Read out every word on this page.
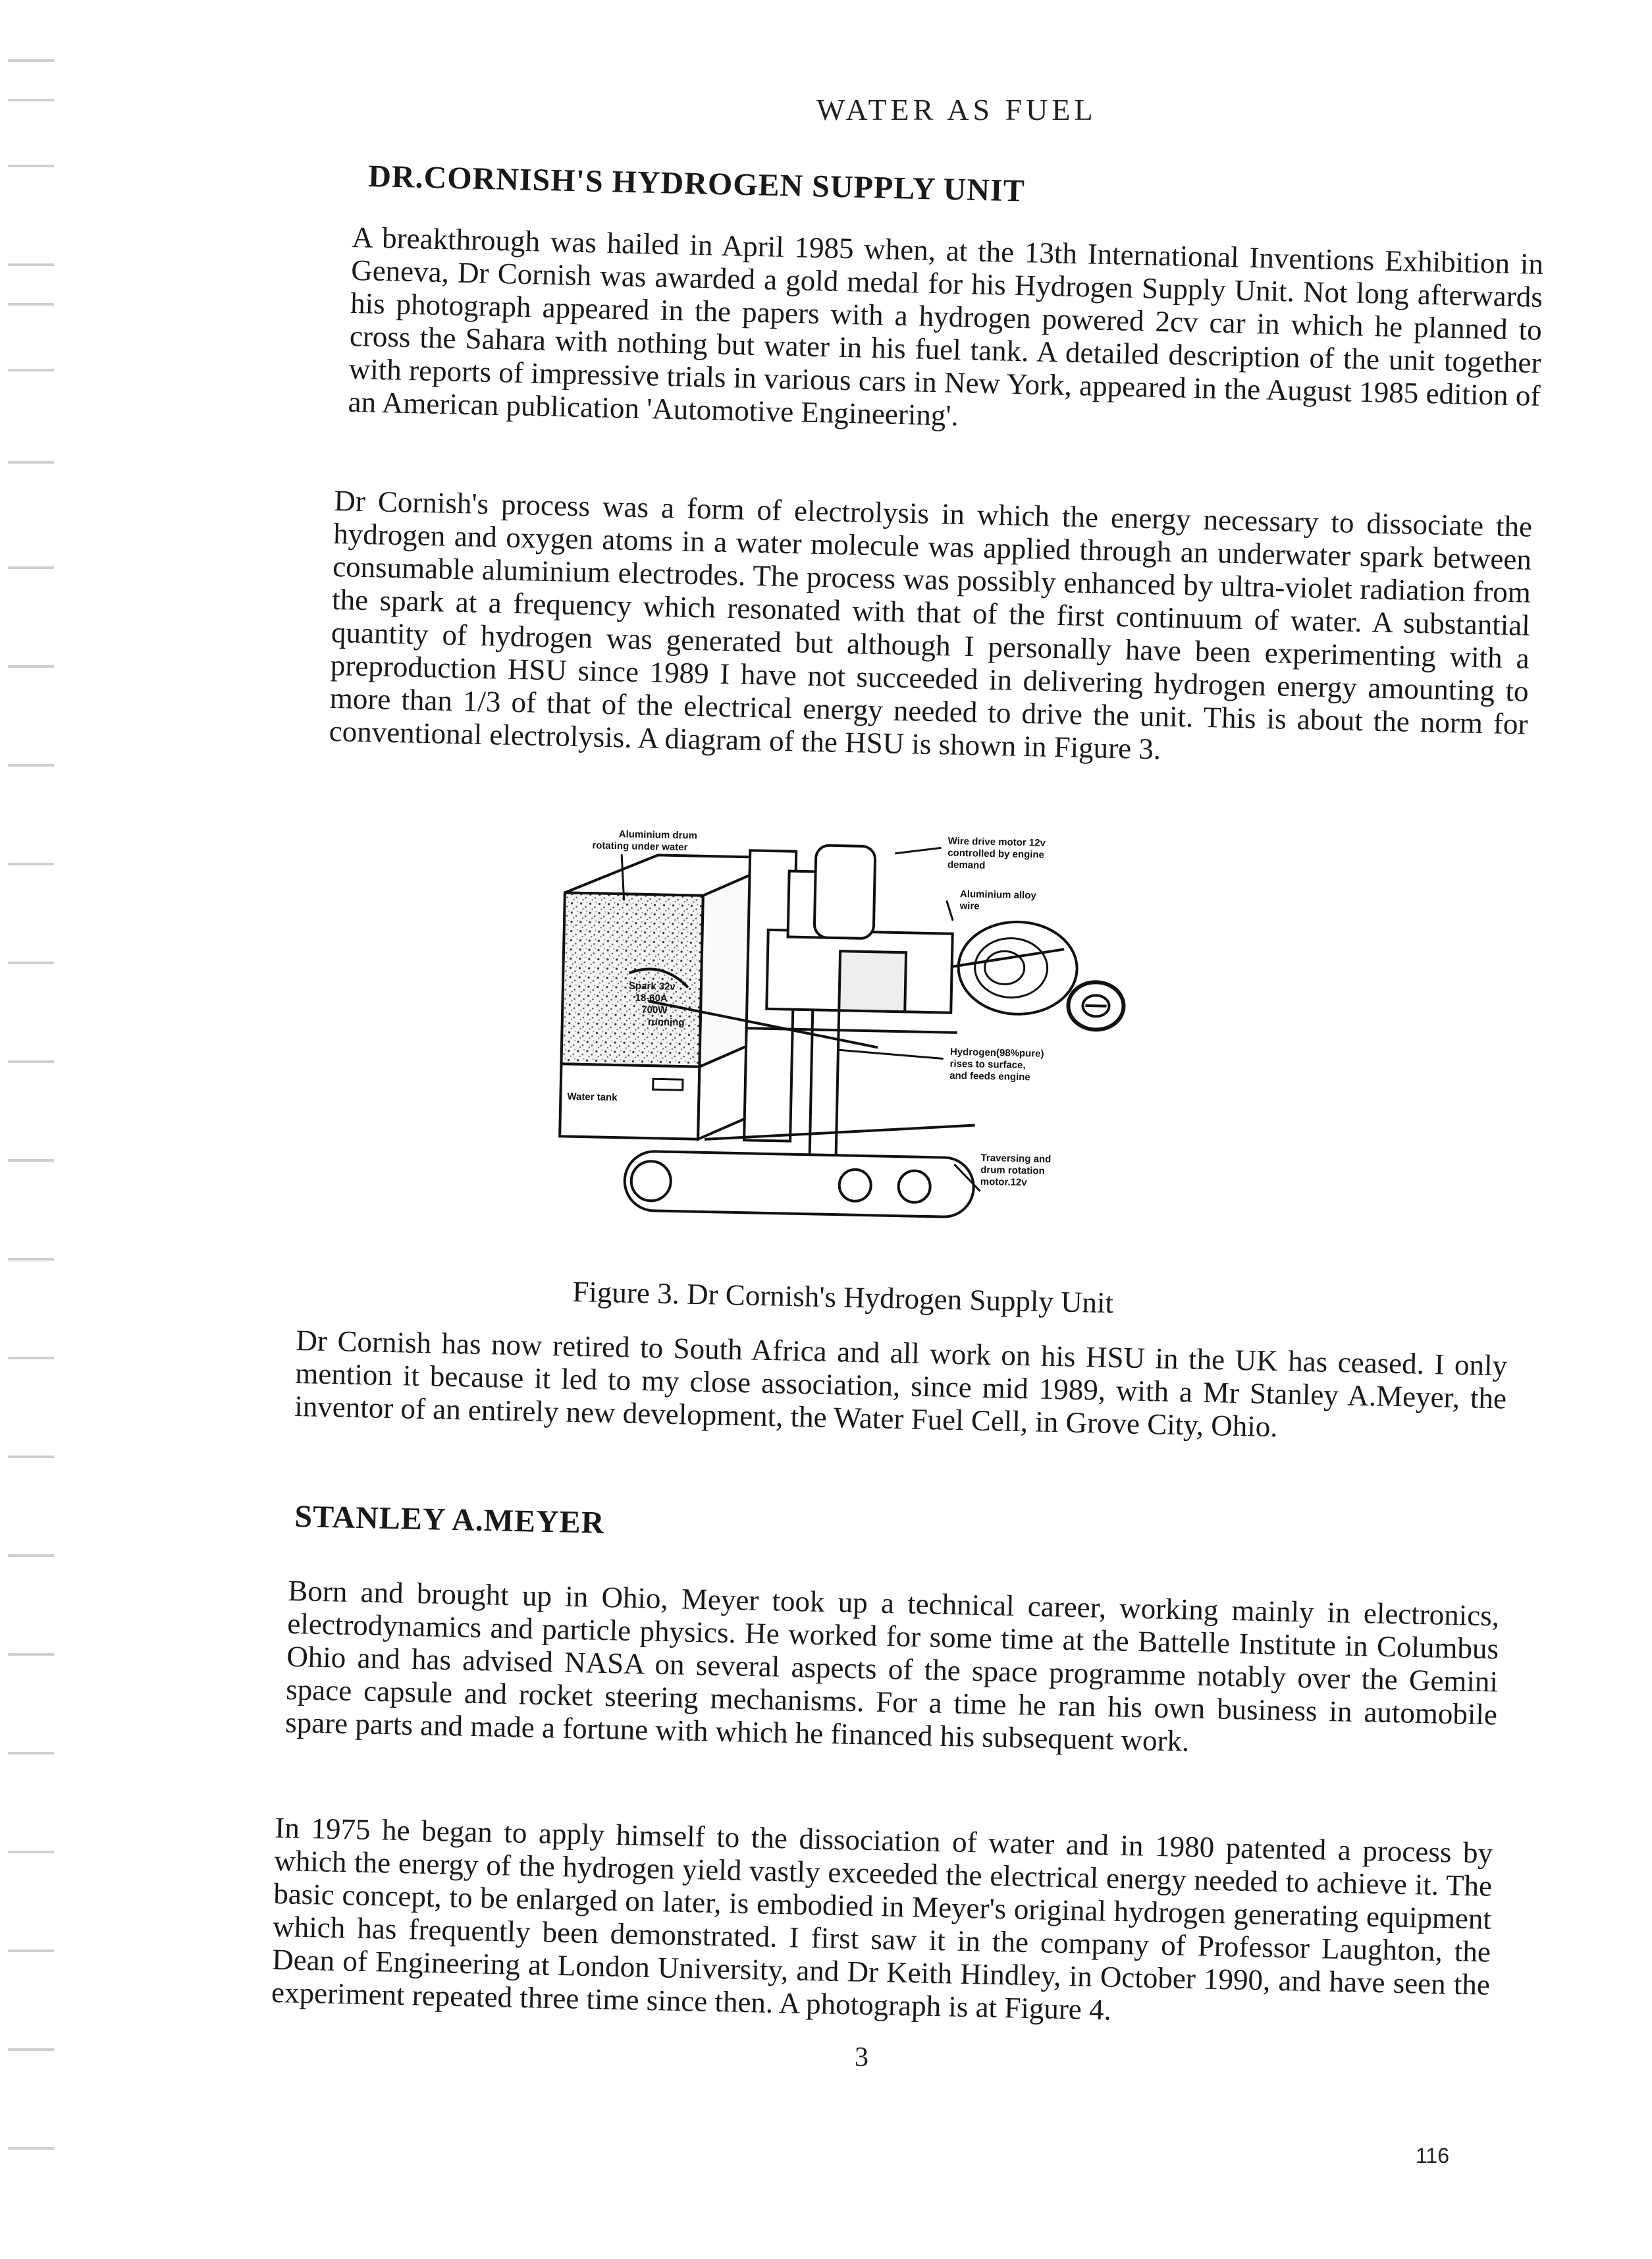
WATER AS FUEL
DR.CORNISH'S HYDROGEN SUPPLY UNIT

A breakthrough was hailed in April 1985 when, at the 13th International Inventions Exhibition in Geneva, Dr Cornish was awarded a gold medal for his Hydrogen Supply Unit. Not long afterwards his photograph appeared in the papers with a hydrogen powered 2cv car in which he planned to cross the Sahara with nothing but water in his fuel tank. A detailed description of the unit together with reports of impressive trials in various cars in New York, appeared in the August 1985 edition of an American publication 'Automotive Engineering'.

Dr Cornish's process was a form of electrolysis in which the energy necessary to dissociate the hydrogen and oxygen atoms in a water molecule was applied through an underwater spark between consumable aluminium electrodes. The process was possibly enhanced by ultra-violet radiation from the spark at a frequency which resonated with that of the first continuum of water. A substantial quantity of hydrogen was generated but although I personally have been experimenting with a preproduction HSU since 1989 I have not succeeded in delivering hydrogen energy amounting to more than 1/3 of that of the electrical energy needed to drive the unit. This is about the norm for conventional electrolysis. A diagram of the HSU is shown in Figure 3.

Aluminium drum
rotating under water	Wire drive motor 12v
controlled by engine
demand
Aluminium alloy
wire
Spark 32v
18-60A
700W
running
Hydrogen(98%pure)
rises to surface,
and feeds engine
Water tank
Traversing and
drum rotation
motor.12v
Figure 3. Dr Cornish's Hydrogen Supply Unit

Dr Cornish has now retired to South Africa and all work on his HSU in the UK has ceased. I only mention it because it led to my close association, since mid 1989, with a Mr Stanley A.Meyer, the inventor of an entirely new development, the Water Fuel Cell, in Grove City, Ohio.

STANLEY A.MEYER

Born and brought up in Ohio, Meyer took up a technical career, working mainly in electronics, electrodynamics and particle physics. He worked for some time at the Battelle Institute in Columbus Ohio and has advised NASA on several aspects of the space programme notably over the Gemini space capsule and rocket steering mechanisms. For a time he ran his own business in automobile spare parts and made a fortune with which he financed his subsequent work.

In 1975 he began to apply himself to the dissociation of water and in 1980 patented a process by which the energy of the hydrogen yield vastly exceeded the electrical energy needed to achieve it. The basic concept, to be enlarged on later, is embodied in Meyer's original hydrogen generating equipment which has frequently been demonstrated. I first saw it in the company of Professor Laughton, the Dean of Engineering at London University, and Dr Keith Hindley, in October 1990, and have seen the experiment repeated three time since then. A photograph is at Figure 4.

3
116
